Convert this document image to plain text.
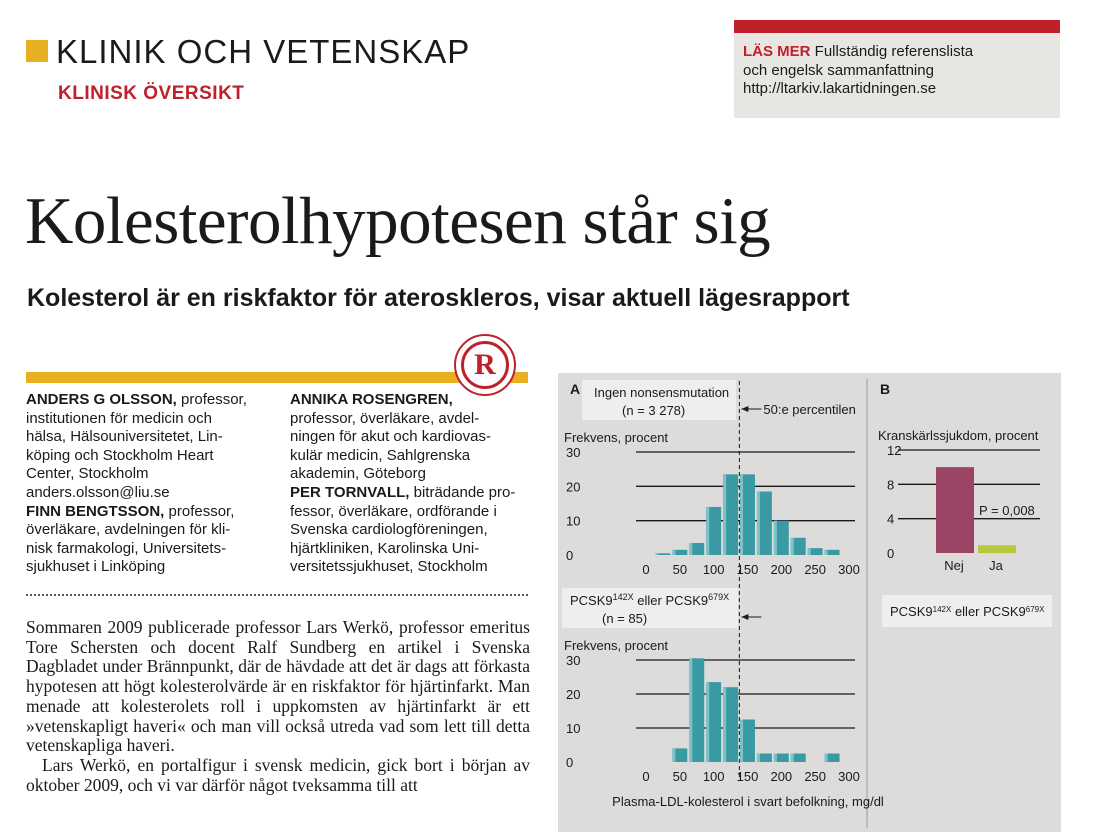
KLINIK OCH VETENSKAP
KLINISK ÖVERSIKT
LÄS MER Fullständig referenslista
och engelsk sammanfattning
http://ltarkiv.lakartidningen.se
Kolesterolhypotesen står sig
Kolesterol är en riskfaktor för ateroskleros, visar aktuell lägesrapport
R
ANDERS G OLSSON, professor,
institutionen för medicin och
hälsa, Hälsouniversitetet, Lin-
köping och Stockholm Heart
Center, Stockholm
anders.olsson@liu.se
FINN BENGTSSON, professor,
överläkare, avdelningen för kli-
nisk farmakologi, Universitets-
sjukhuset i Linköping
ANNIKA ROSENGREN,
professor, överläkare, avdel-
ningen för akut och kardiovas-
kulär medicin, Sahlgrenska
akademin, Göteborg
PER TORNVALL, biträdande pro-
fessor, överläkare, ordförande i
Svenska cardiologföreningen,
hjärtkliniken, Karolinska Uni-
versitetssjukhuset, Stockholm

Sommaren 2009 publicerade professor Lars Werkö, professor emeritus Tore Schersten och docent Ralf Sundberg en artikel i Svenska Dagbladet under Brännpunkt, där de hävdade att det är dags att förkasta hypotesen att högt kolesterolvärde är en riskfaktor för hjärtinfarkt. Man menade att kolesterolets roll i uppkomsten av hjärtinfarkt är ett »vetenskapligt haveri« och man vill också utreda vad som lett till detta vetenskapliga haveri.

Lars Werkö, en portalfigur i svensk medicin, gick bort i början av oktober 2009, och vi var därför något tveksamma till att

A	B
Ingen nonsensmutation
(n = 3 278)
Frekvens, procent
0
10
20
30
0 50 100 150 200 250 300
$PCSK9^{142X}$ eller $PCSK9^{679X}$
(n = 85)
Frekvens, procent
0
10
20
30
0 50 100 150 200 250 300
50:e percentilen
Plasma-LDL-kolesterol i svart befolkning, mg/dl
Kranskärlssjukdom, procent
0
4
8
12
Nej Ja
P = 0,008
$PCSK9^{142X}$ eller $PCSK9^{679X}$
